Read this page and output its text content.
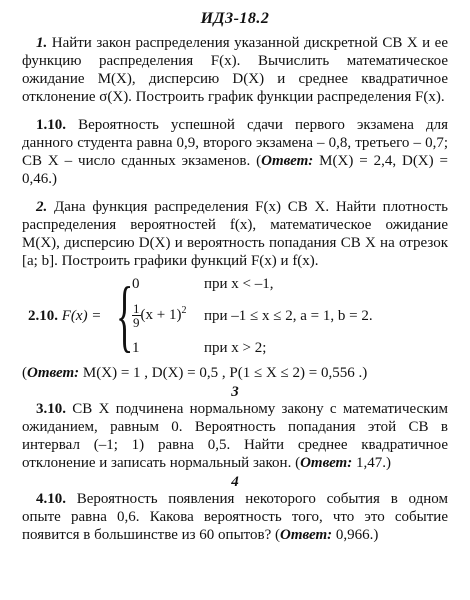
ИДЗ-18.2

1. Найти закон распределения указанной дискретной СВ X и ее функцию распределения F(x). Вычислить математическое ожидание M(X), дисперсию D(X) и среднее квадратичное отклонение σ(X). Построить график функции распределения F(x).

1.10. Вероятность успешной сдачи первого экзамена для данного студента равна 0,9, второго экзамена – 0,8, третьего – 0,7; СВ X – число сданных экзаменов. (Ответ: M(X) = 2,4, D(X) = 0,46.)

2. Дана функция распределения F(x) СВ X. Найти плотность распределения вероятностей f(x), математическое ожидание M(X), дисперсию D(X) и вероятность попадания СВ X на отрезок [a; b]. Построить графики функций F(x) и f(x).

2.10. F(x) = {
0	при x < –1,
$\frac{1}{9} (x + 1)^2$ при –1 ≤ x ≤ 2, a = 1, b = 2.
1	при x > 2;

(Ответ: M(X) = 1 , D(X) = 0,5 , P(1 ≤ X ≤ 2) = 0,556 .)

3

3.10. СВ X подчинена нормальному закону с математическим ожиданием, равным 0. Вероятность попадания этой СВ в интервал (–1; 1) равна 0,5. Найти среднее квадратичное отклонение и записать нормальный закон. (Ответ: 1,47.)

4

4.10. Вероятность появления некоторого события в одном опыте равна 0,6. Какова вероятность того, что это событие появится в большинстве из 60 опытов? (Ответ: 0,966.)
